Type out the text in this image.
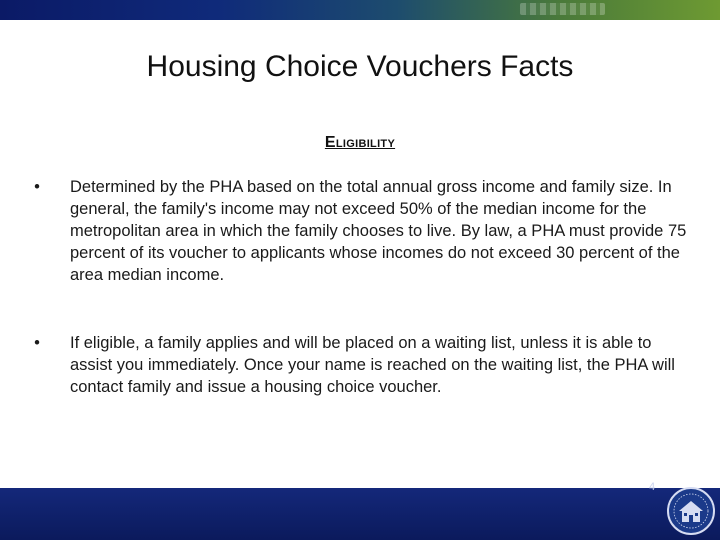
Housing Choice Vouchers Facts
Eligibility
• Determined by the PHA based on the total annual gross income and family size. In general, the family's income may not exceed 50% of the median income for the metropolitan area in which the family chooses to live. By law, a PHA must provide 75 percent of its voucher to applicants whose incomes do not exceed 30 percent of the area median income.
• If eligible, a family applies and will be placed on a waiting list, unless it is able to assist you immediately. Once your name is reached on the waiting list, the PHA will contact family and issue a housing choice voucher.
4
